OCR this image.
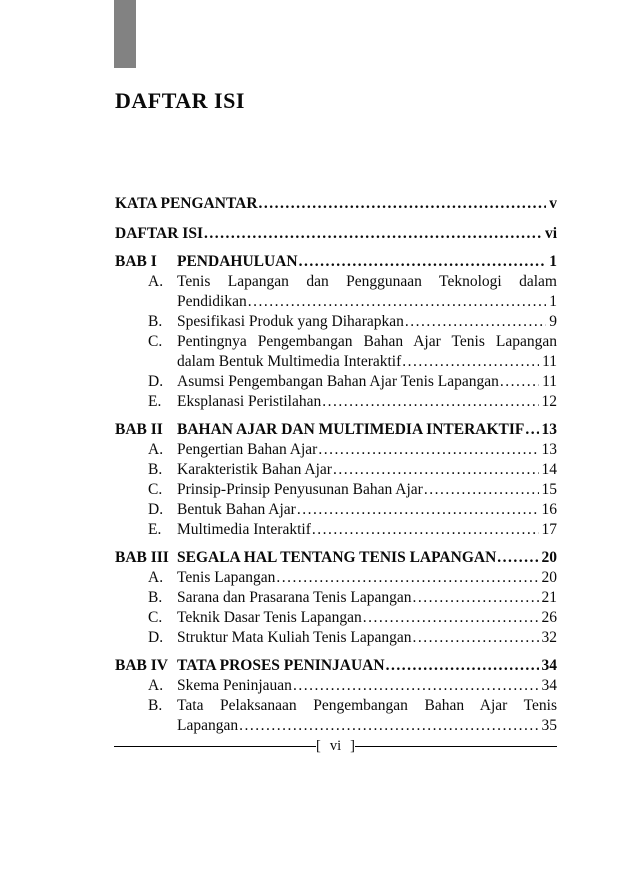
DAFTAR ISI
KATA PENGANTAR .....	v
DAFTAR ISI .....	vi
BAB I	PENDAHULUAN .....	1
A. Tenis Lapangan dan Penggunaan Teknologi dalam
Pendidikan .....	1
B. Spesifikasi Produk yang Diharapkan .....	9
C. Pentingnya Pengembangan Bahan Ajar Tenis Lapangan
dalam Bentuk Multimedia Interaktif .....	11
D. Asumsi Pengembangan Bahan Ajar Tenis Lapangan .....	11
E. Eksplanasi Peristilahan .....	12
BAB II BAHAN AJAR DAN MULTIMEDIA INTERAKTIF ..... 13
A. Pengertian Bahan Ajar .....	13
B. Karakteristik Bahan Ajar .....	14
C. Prinsip-Prinsip Penyusunan Bahan Ajar .....	15
D. Bentuk Bahan Ajar .....	16
E. Multimedia Interaktif .....	17
BAB III SEGALA HAL TENTANG TENIS LAPANGAN .....	20
A. Tenis Lapangan .....	20
B. Sarana dan Prasarana Tenis Lapangan .....	21
C. Teknik Dasar Tenis Lapangan .....	26
D. Struktur Mata Kuliah Tenis Lapangan .....	32
BAB IV TATA PROSES PENINJAUAN .....	34
A. Skema Peninjauan .....	34
B. Tata Pelaksanaan Pengembangan Bahan Ajar Tenis
Lapangan .....	35
[ vi ]
